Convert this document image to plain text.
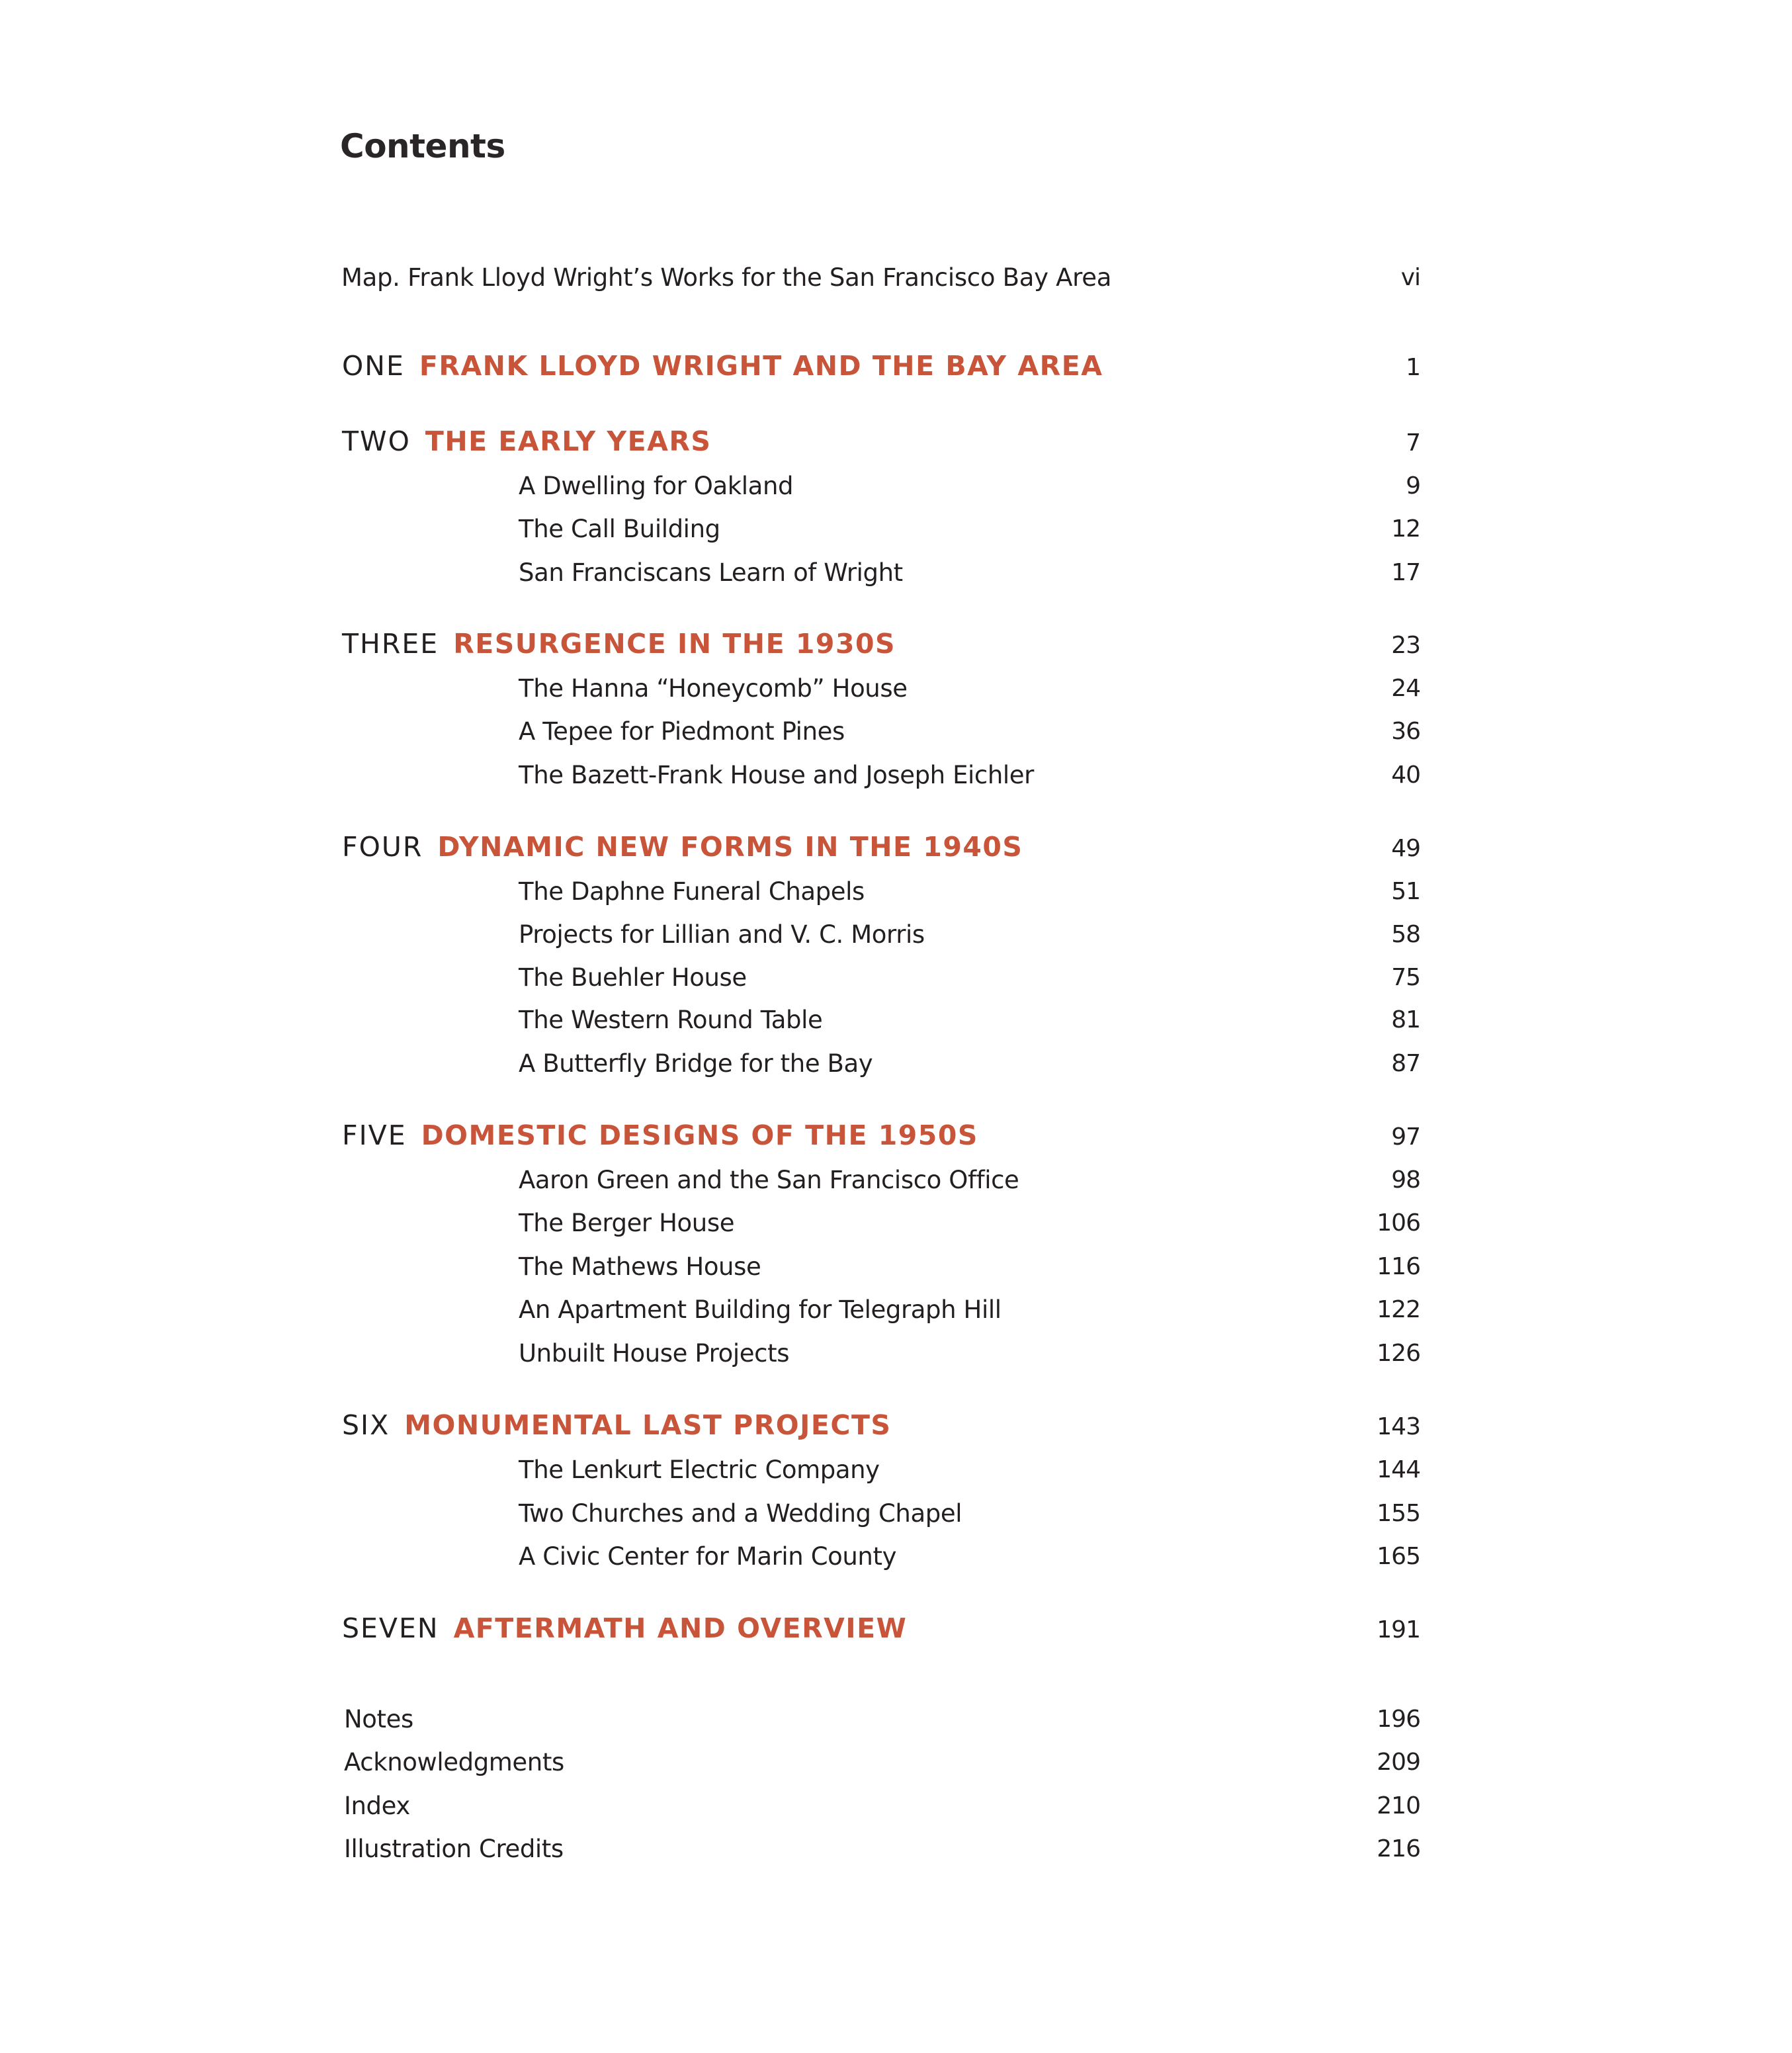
Contents
Map. Frank Lloyd Wright’s Works for the San Francisco Bay Area	vi
ONE FRANK LLOYD WRIGHT AND THE BAY AREA	1
TWO THE EARLY YEARS	7
A Dwelling for Oakland	9
The Call Building	12
San Franciscans Learn of Wright	17
THREE RESURGENCE IN THE 1930S	23
The Hanna “Honeycomb” House	24
A Tepee for Piedmont Pines	36
The Bazett-Frank House and Joseph Eichler	40
FOUR DYNAMIC NEW FORMS IN THE 1940S	49
The Daphne Funeral Chapels	51
Projects for Lillian and V. C. Morris	58
The Buehler House	75
The Western Round Table	81
A Butterfly Bridge for the Bay	87
FIVE DOMESTIC DESIGNS OF THE 1950S	97
Aaron Green and the San Francisco Office	98
The Berger House	106
The Mathews House	116
An Apartment Building for Telegraph Hill	122
Unbuilt House Projects	126
SIX MONUMENTAL LAST PROJECTS	143
The Lenkurt Electric Company	144
Two Churches and a Wedding Chapel	155
A Civic Center for Marin County	165
SEVEN AFTERMATH AND OVERVIEW	191
Notes	196
Acknowledgments	209
Index	210
Illustration Credits	216
